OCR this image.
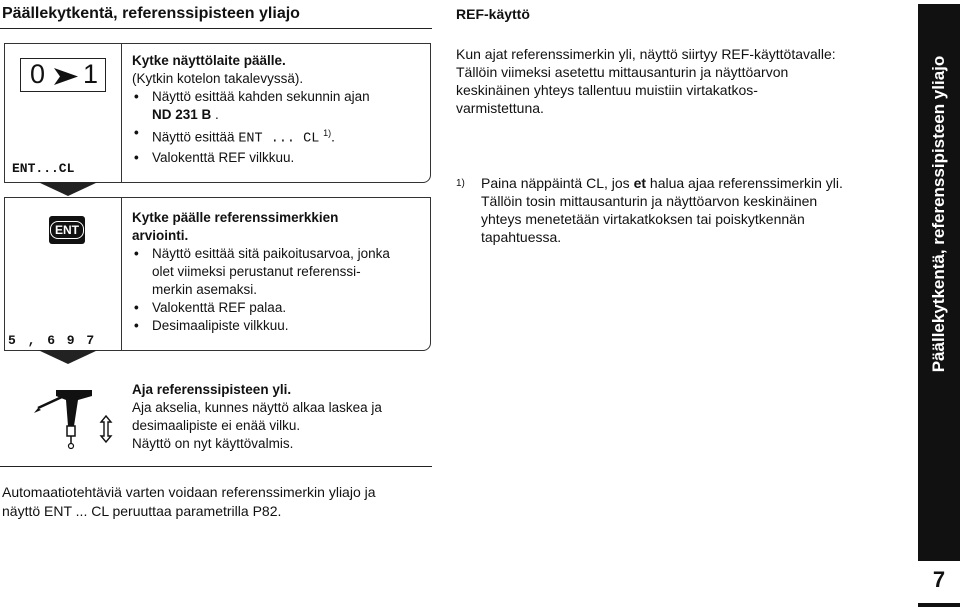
Päällekytkentä, referenssipisteen yliajo	REF-käyttö
0 1
ENT...CL
ENT
5 , 6 9 7
Kytke näyttölaite päälle.
(Kytkin kotelon takalevyssä).
• Näyttö esittää kahden sekunnin ajan
ND 231 B .
• Näyttö esittää ENT ... CL $^{1)}$.
• Valokenttä REF vilkkuu.
Kytke päälle referenssimerkkien
arviointi.
• Näyttö esittää sitä paikoitusarvoa, jonka
olet viimeksi perustanut referenssi-
merkin asemaksi.
• Valokenttä REF palaa.
• Desimaalipiste vilkkuu.
Aja referenssipisteen yli.
Aja akselia, kunnes näyttö alkaa laskea ja
desimaalipiste ei enää vilku.
Näyttö on nyt käyttövalmis.
Automaatiotehtäviä varten voidaan referenssimerkin yliajo ja
näyttö ENT ... CL peruuttaa parametrilla P82.
Kun ajat referenssimerkin yli, näyttö siirtyy REF-käyttötavalle:
Tällöin viimeksi asetettu mittausanturin ja näyttöarvon
keskinäinen yhteys tallentuu muistiin virtakatkos-
varmistettuna.
1)	Paina näppäintä CL, jos et halua ajaa referenssimerkin yli.
Tällöin tosin mittausanturin ja näyttöarvon keskinäinen
yhteys menetetään virtakatkoksen tai poiskytkennän
tapahtuessa.	Päällekytkentä, referenssipisteen yliajo
7
